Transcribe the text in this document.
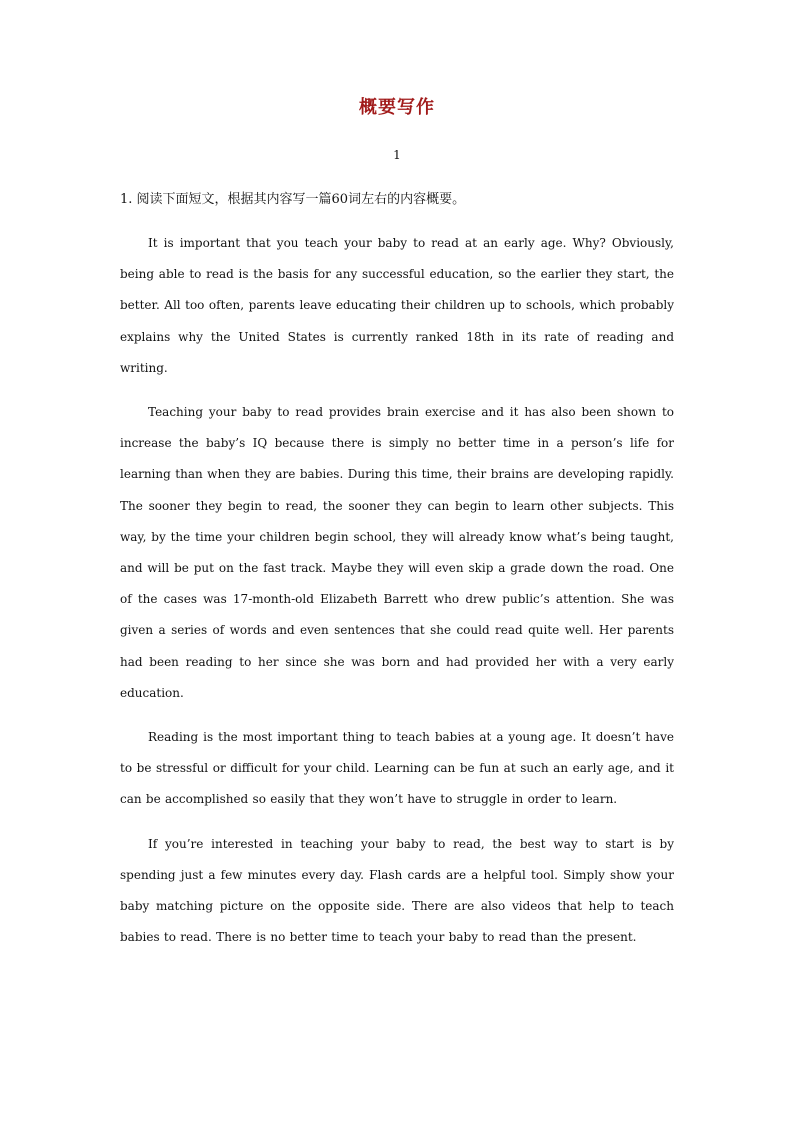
概要写作
1
1. 阅读下面短文，根据其内容写一篇60词左右的内容概要。

It is important that you teach your baby to read at an early age. Why? Obviously, being able to read is the basis for any successful education, so the earlier they start, the better. All too often, parents leave educating their children up to schools, which probably explains why the United States is currently ranked 18th in its rate of reading and writing.

Teaching your baby to read provides brain exercise and it has also been shown to increase the baby’s IQ because there is simply no better time in a person’s life for learning than when they are babies. During this time, their brains are developing rapidly. The sooner they begin to read, the sooner they can begin to learn other subjects. This way, by the time your children begin school, they will already know what’s being taught, and will be put on the fast track. Maybe they will even skip a grade down the road. One of the cases was 17-month-old Elizabeth Barrett who drew public’s attention. She was given a series of words and even sentences that she could read quite well. Her parents had been reading to her since she was born and had provided her with a very early education.

Reading is the most important thing to teach babies at a young age. It doesn’t have to be stressful or difficult for your child. Learning can be fun at such an early age, and it can be accomplished so easily that they won’t have to struggle in order to learn.

If you’re interested in teaching your baby to read, the best way to start is by spending just a few minutes every day. Flash cards are a helpful tool. Simply show your baby matching picture on the opposite side. There are also videos that help to teach babies to read. There is no better time to teach your baby to read than the present.
